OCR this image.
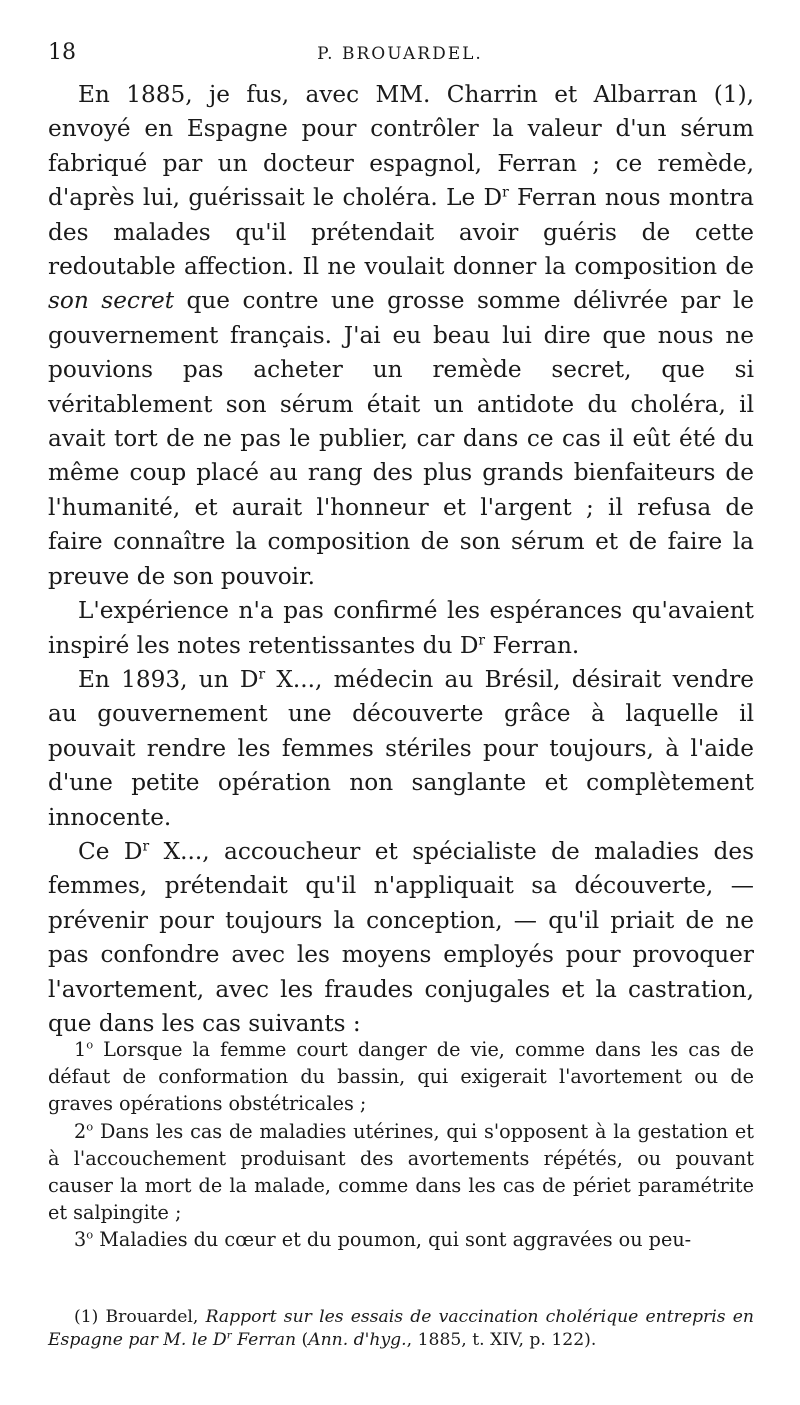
18	P. BROUARDEL.

En 1885, je fus, avec MM. Charrin et Albarran (1), envoyé en Espagne pour contrôler la valeur d'un sérum fabriqué par un docteur espagnol, Ferran ; ce remède, d'après lui, guérissait le choléra. Le $D^r$ Ferran nous montra des malades qu'il prétendait avoir guéris de cette redoutable affection. Il ne voulait donner la composition de son secret que contre une grosse somme délivrée par le gouvernement français. J'ai eu beau lui dire que nous ne pouvions pas acheter un remède secret, que si véritablement son sérum était un antidote du choléra, il avait tort de ne pas le publier, car dans ce cas il eût été du même coup placé au rang des plus grands bienfaiteurs de l'humanité, et aurait l'honneur et l'argent ; il refusa de faire connaître la composition de son sérum et de faire la preuve de son pouvoir.

L'expérience n'a pas confirmé les espérances qu'avaient inspiré les notes retentissantes du $D^r$ Ferran.

En 1893, un $D^r$ X..., médecin au Brésil, désirait vendre au gouvernement une découverte grâce à laquelle il pouvait rendre les femmes stériles pour toujours, à l'aide d'une petite opération non sanglante et complètement innocente.

Ce $D^r$ X..., accoucheur et spécialiste de maladies des femmes, prétendait qu'il n'appliquait sa découverte, — prévenir pour toujours la conception, — qu'il priait de ne pas confondre avec les moyens employés pour provoquer l'avortement, avec les fraudes conjugales et la castration, que dans les cas suivants :

1$^o$ Lorsque la femme court danger de vie, comme dans les cas de défaut de conformation du bassin, qui exigerait l'avortement ou de graves opérations obstétricales ;

2$^o$ Dans les cas de maladies utérines, qui s'opposent à la gestation et à l'accouchement produisant des avortements répétés, ou pouvant causer la mort de la malade, comme dans les cas de périet paramétrite et salpingite ;

3$^o$ Maladies du cœur et du poumon, qui sont aggravées ou peu-

(1) Brouardel, Rapport sur les essais de vaccination cholérique entrepris en Espagne par M. le $D^r$ Ferran (Ann. d'hyg., 1885, t. XIV, p. 122).
